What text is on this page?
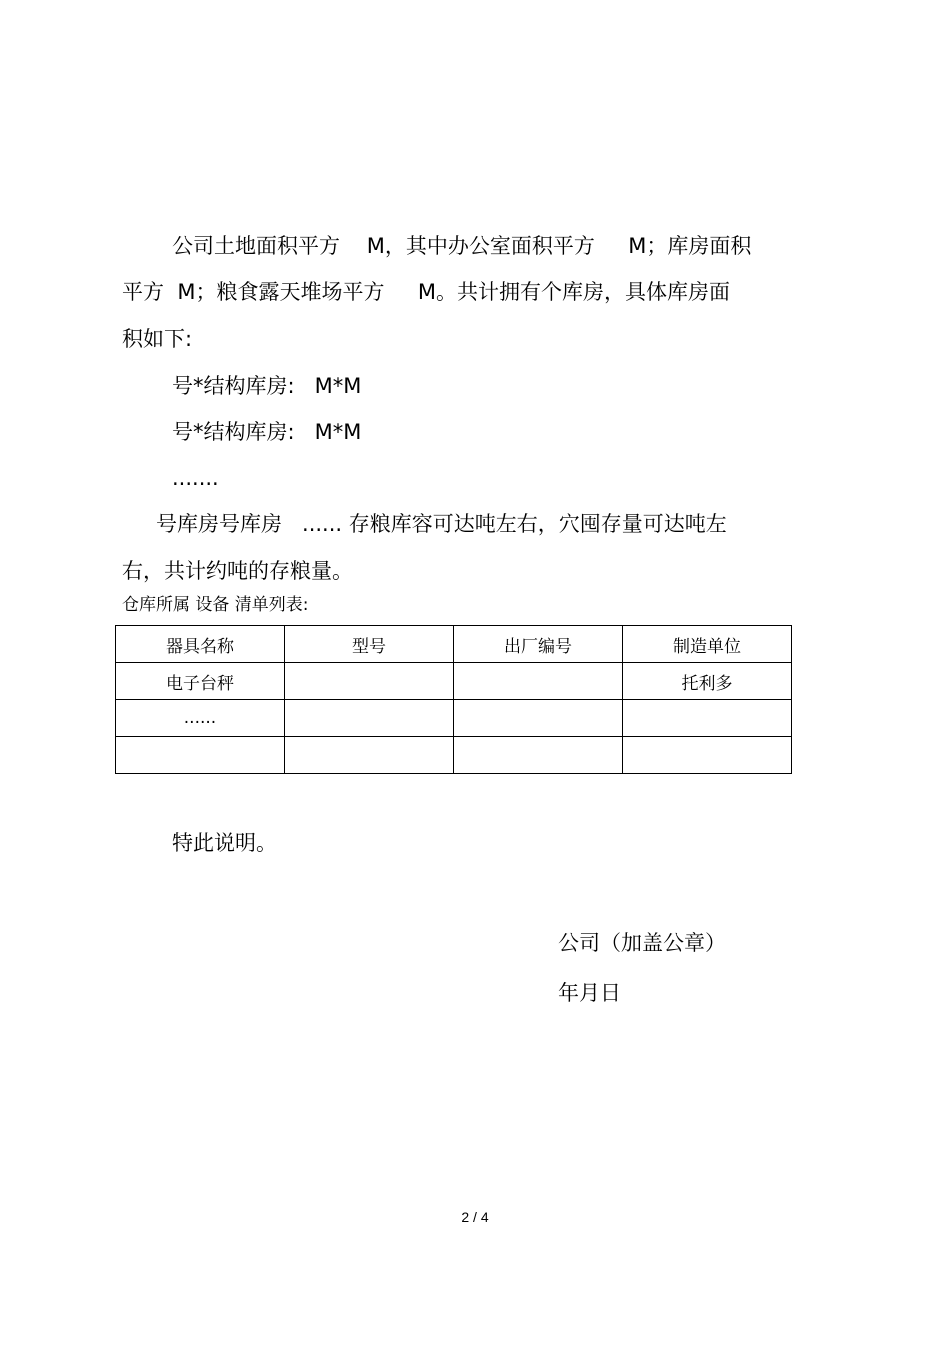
公司土地面积平方    M，其中办公室面积平方     M；库房面积
平方  M；粮食露天堆场平方     M。共计拥有个库房，具体库房面
积如下:
号*结构库房:   M*M
号*结构库房:   M*M
.......
号库房号库房   ...... 存粮库容可达吨左右，穴囤存量可达吨左
右，共计约吨的存粮量。
仓库所属 设备 清单列表:
器具名称	型号	出厂编号	制造单位
电子台秤			托利多
......			

特此说明。
公司（加盖公章）
年月日
2 / 4
